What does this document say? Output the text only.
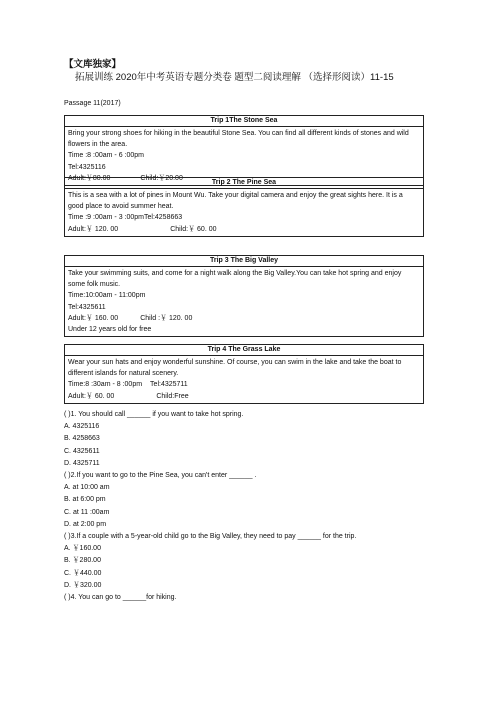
【文库独家】
拓展训练 2020年中考英语专题分类卷 题型二阅读理解 （选择形阅读）11-15
Passage 11(2017)
Trip 1The Stone Sea
Bring your strong shoes for hiking in the beautiful Stone Sea. You can find all different kinds of stones and wild flowers in the area.
Time :8 :00am - 6 :00pm
Tel:4325116
Adult:￥80.00	Child:￥20.00
Trip 2 The Pine Sea
This is a sea with a lot of pines in Mount Wu. Take your digital camera and enjoy the great sights here. It is a good place to avoid summer heat.
Time :9 :00am - 3 :00pmTel:4258663
Adult:￥ 120. 00	Child:￥ 60. 00
Trip 3 The Big Valley
Take your swimming suits, and come for a night walk along the Big Valley.You can take hot spring and enjoy some folk music.
Time:10:00am - 11:00pm
Tel:4325611
Adult:￥ 160. 00	Child :￥ 120. 00
Under 12 years old for free
Trip 4 The Grass Lake
Wear your sun hats and enjoy wonderful sunshine. Of course, you can swim in the lake and take the boat to different islands for natural scenery.
Time:8 :30am - 8 :00pm Tel:4325711
Adult:￥ 60. 00	Child:Free
( )1. You should call ______ if you want to take hot spring.
A. 4325116
B. 4258663
C. 4325611
D. 4325711
( )2.If you want to go to the Pine Sea, you can't enter ______ .
A. at 10:00 am
B. at 6:00 pm
C. at 11 :00am
D. at 2:00 pm
( )3.If a couple with a 5-year-old child go to the Big Valley, they need to pay ______ for the trip.
A. ￥160.00
B. ￥280.00
C. ￥440.00
D. ￥320.00
( )4. You can go to ______for hiking.
